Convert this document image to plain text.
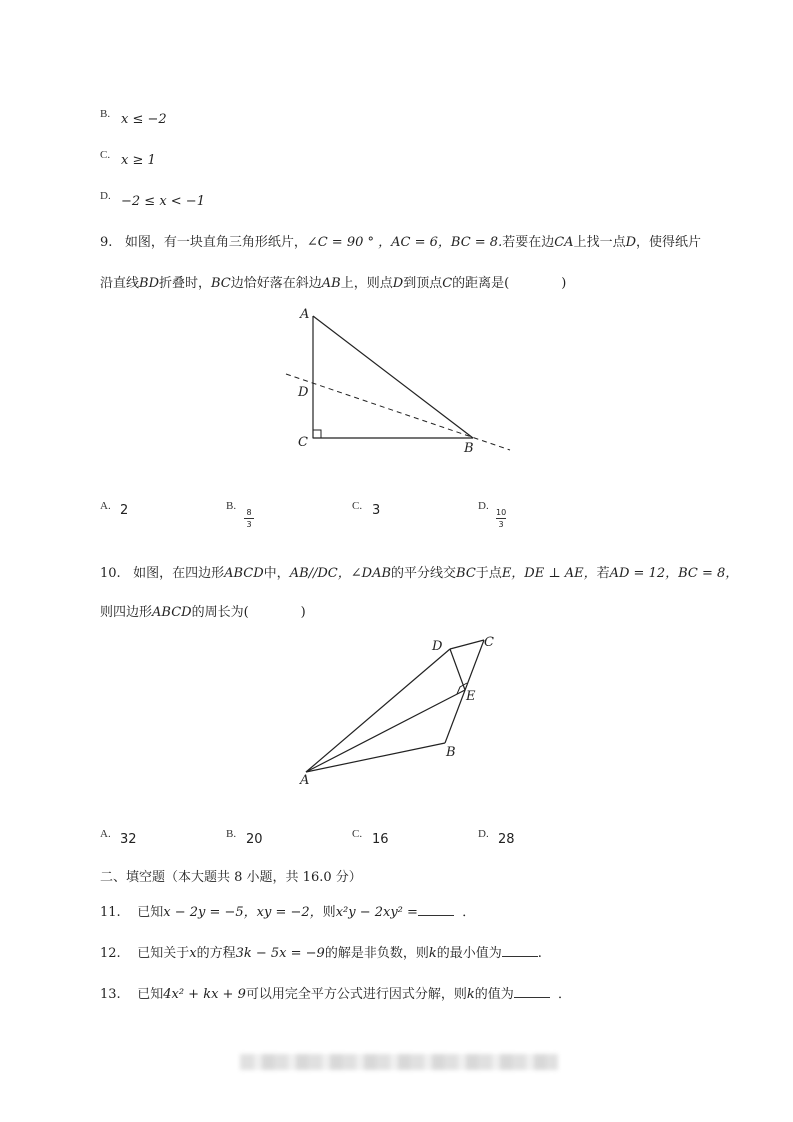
B. x ≤ −2
C. x ≥ 1
D. −2 ≤ x < −1
9. 如图，有一块直角三角形纸片，∠C = 90 ° ，AC = 6，BC = 8.若要在边CA上找一点D，使得纸片
沿直线BD折叠时，BC边恰好落在斜边AB上，则点D到顶点C的距离是(　　　　)
A
D
C	B
A. 2	B.
8
3
C. 3	D.
10
3
10. 如图，在四边形ABCD中，AB//DC，∠DAB的平分线交BC于点E，DE ⊥ AE，若AD = 12，BC = 8，
则四边形ABCD的周长为(　　　　)
D	C
E
B
A
A. 32	B. 20	C. 16	D. 28
二、填空题（本大题共 8 小题，共 16.0 分）
11. 已知x − 2y = −5，xy = −2，则x²y − 2xy² =	．
12. 已知关于x的方程3k − 5x = −9的解是非负数，则k的最小值为	.
13. 已知4x² + kx + 9可以用完全平方公式进行因式分解，则k的值为	．
